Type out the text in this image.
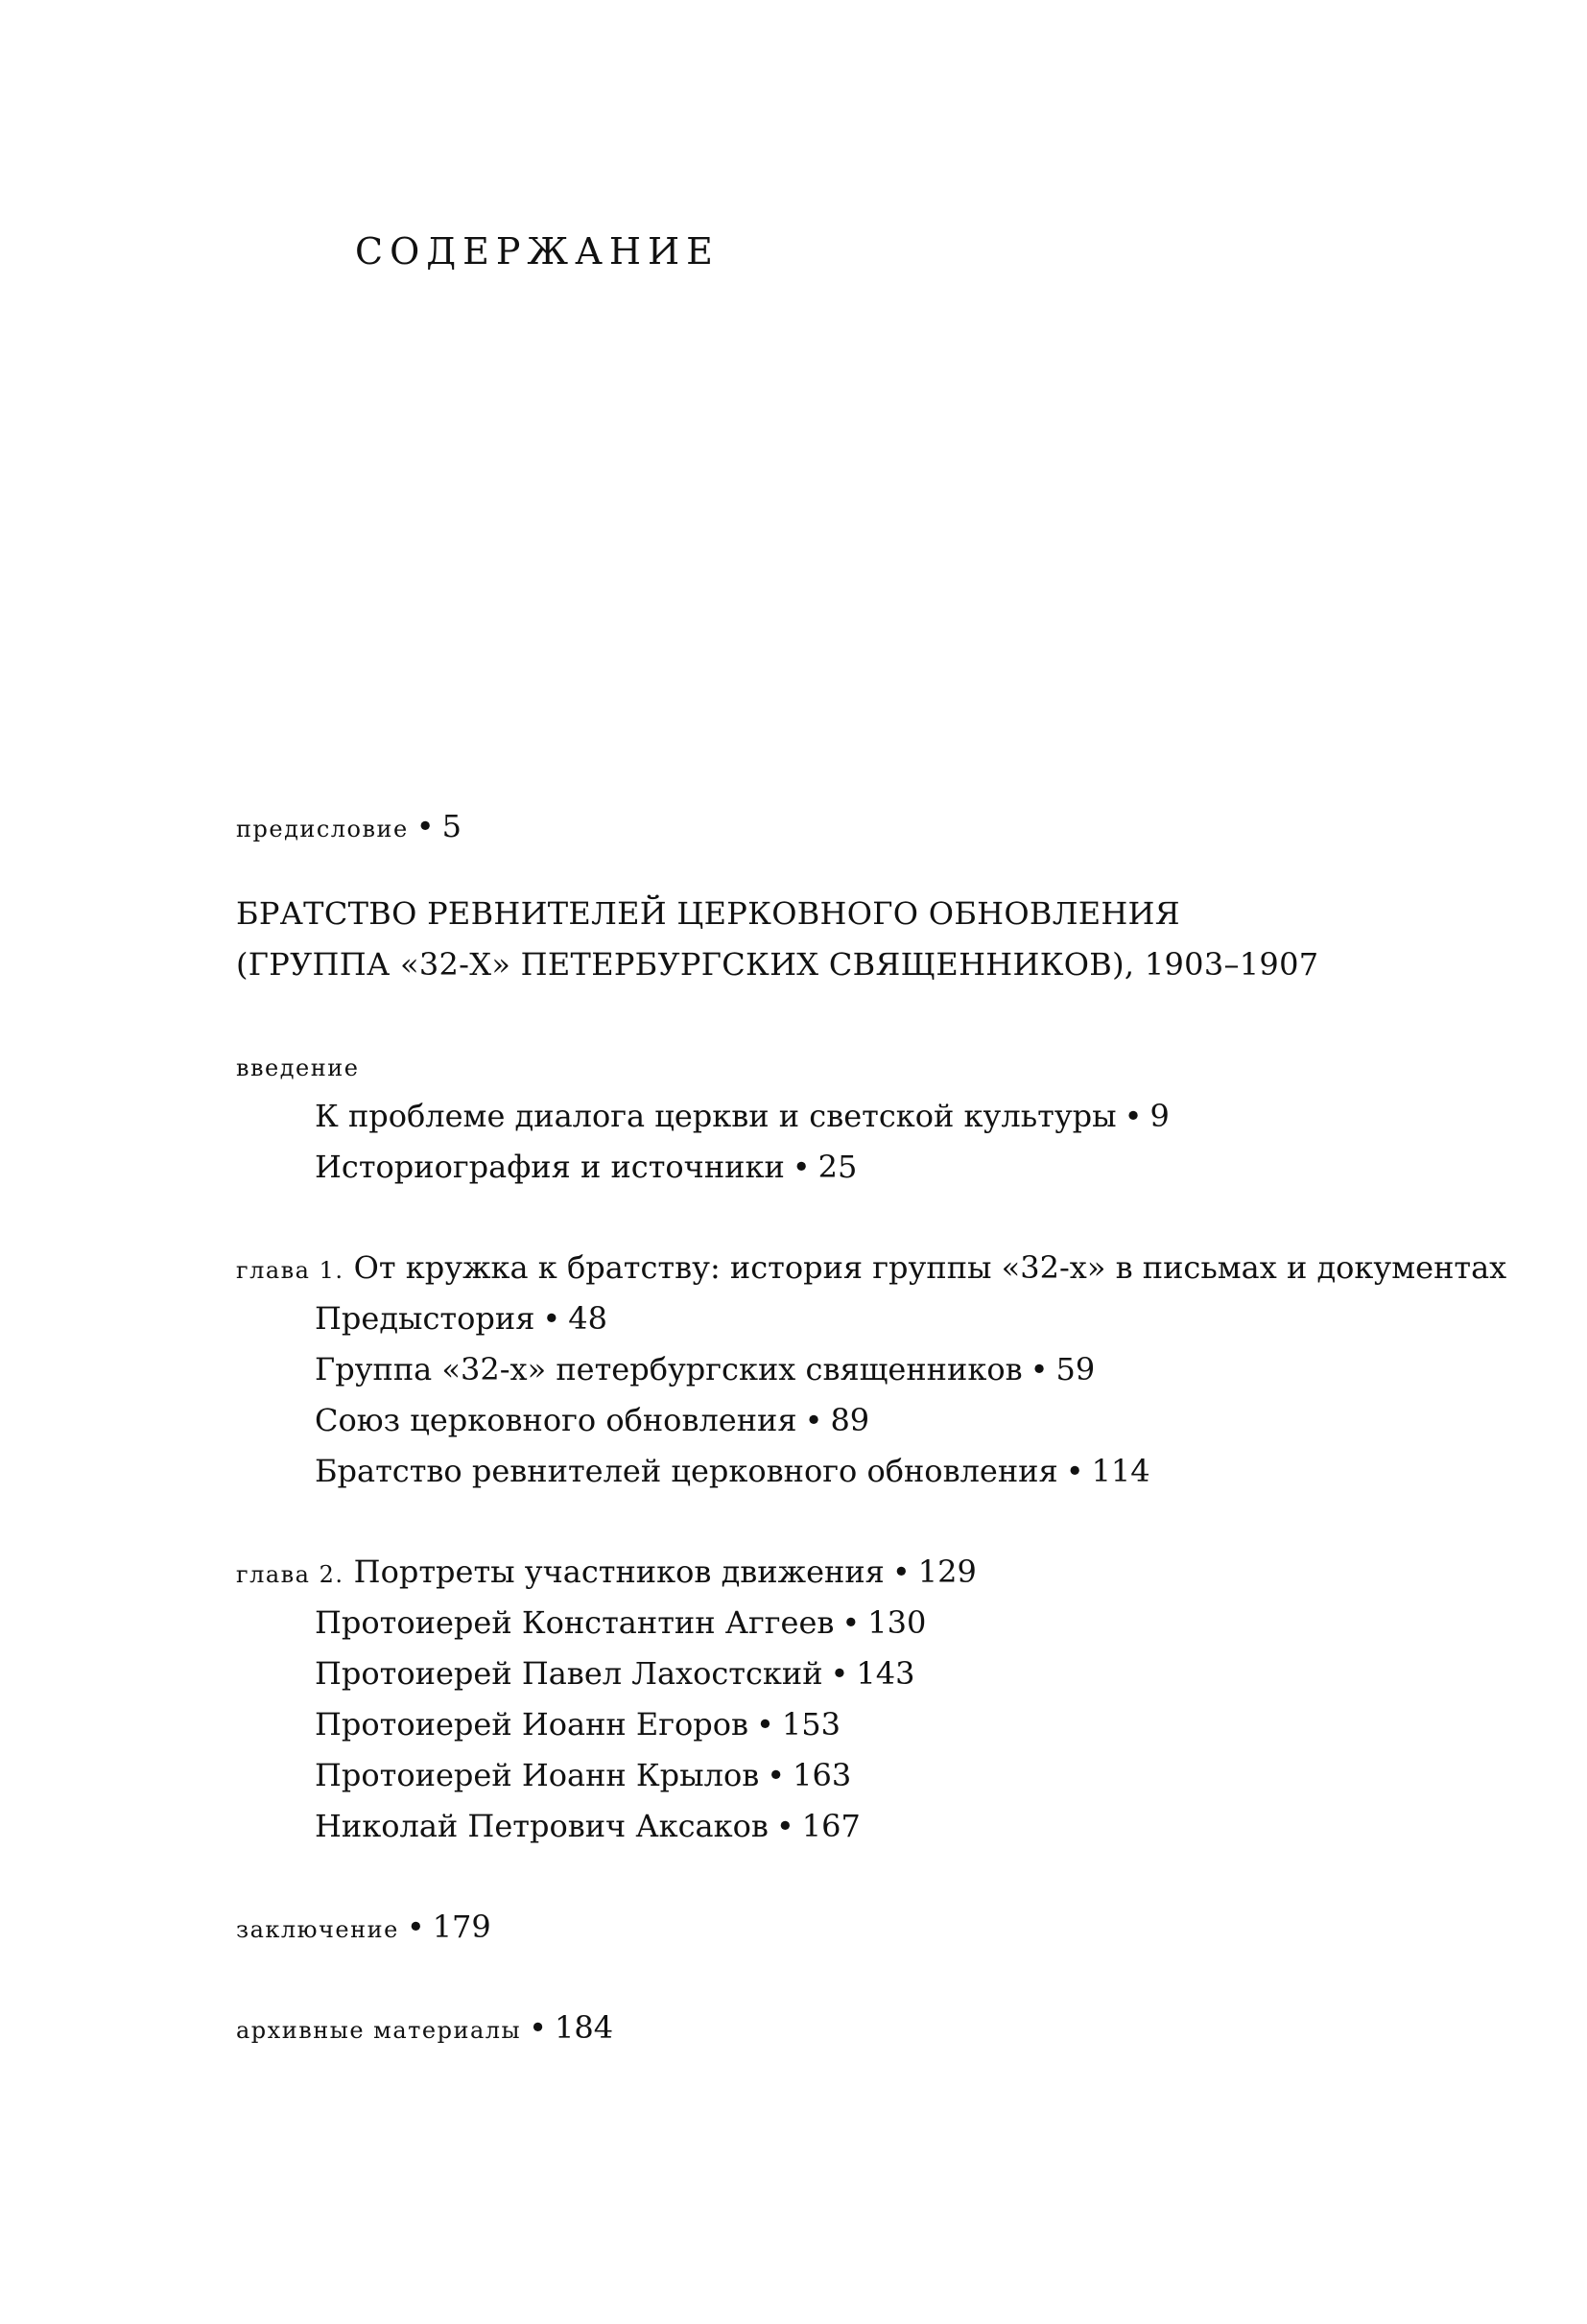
СОДЕРЖАНИЕ
предисловие • 5
БРАТСТВО РЕВНИТЕЛЕЙ ЦЕРКОВНОГО ОБНОВЛЕНИЯ
(ГРУППА «32-Х» ПЕТЕРБУРГСКИХ СВЯЩЕННИКОВ), 1903–1907
введение
К проблеме диалога церкви и светской культуры • 9
Историография и источники • 25
глава 1. От кружка к братству: история группы «32-х» в письмах и документах
Предыстория • 48
Группа «32-х» петербургских священников • 59
Союз церковного обновления • 89
Братство ревнителей церковного обновления • 114
глава 2. Портреты участников движения • 129
Протоиерей Константин Аггеев • 130
Протоиерей Павел Лахостский • 143
Протоиерей Иоанн Егоров • 153
Протоиерей Иоанн Крылов • 163
Николай Петрович Аксаков • 167
заключение • 179
архивные материалы • 184
